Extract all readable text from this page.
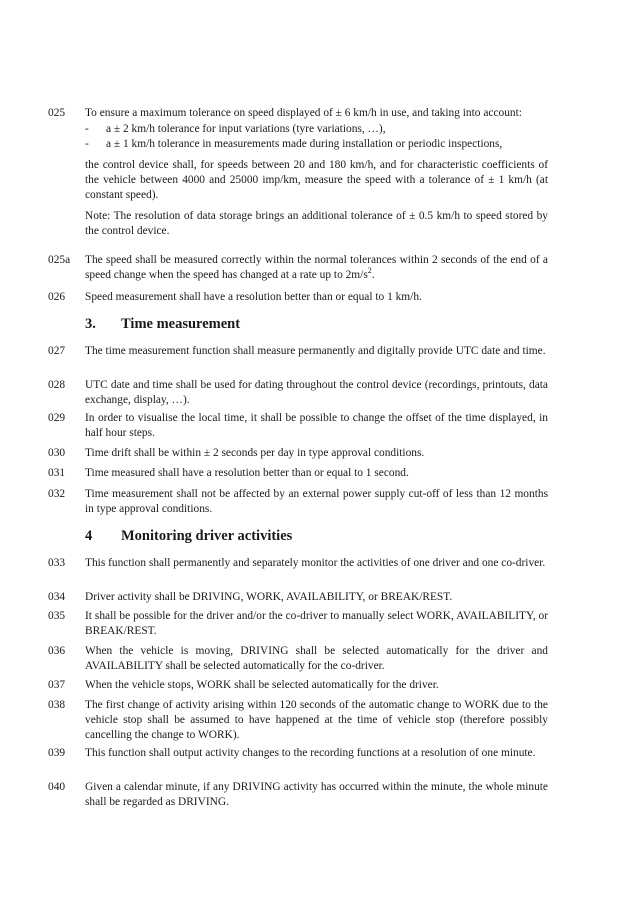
025	To ensure a maximum tolerance on speed displayed of ± 6 km/h in use, and taking into account:

- a ± 2 km/h tolerance for input variations (tyre variations, …),
- a ± 1 km/h tolerance in measurements made during installation or periodic inspections,

the control device shall, for speeds between 20 and 180 km/h, and for characteristic coefficients of the vehicle between 4000 and 25000 imp/km, measure the speed with a tolerance of ± 1 km/h (at constant speed).

Note: The resolution of data storage brings an additional tolerance of ± 0.5 km/h to speed stored by the control device.

025a	The speed shall be measured correctly within the normal tolerances within 2 seconds of the end of a speed change when the speed has changed at a rate up to $2m/s^2$.

026	Speed measurement shall have a resolution better than or equal to 1 km/h.

3. Time measurement
027	The time measurement function shall measure permanently and digitally provide UTC date and time.

028	UTC date and time shall be used for dating throughout the control device (recordings, printouts, data exchange, display, …).

029	In order to visualise the local time, it shall be possible to change the offset of the time displayed, in half hour steps.

030	Time drift shall be within ± 2 seconds per day in type approval conditions.

031	Time measured shall have a resolution better than or equal to 1 second.

032	Time measurement shall not be affected by an external power supply cut-off of less than 12 months in type approval conditions.

4 Monitoring driver activities
033	This function shall permanently and separately monitor the activities of one driver and one co-driver.

034	Driver activity shall be DRIVING, WORK, AVAILABILITY, or BREAK/REST.

035	It shall be possible for the driver and/or the co-driver to manually select WORK, AVAILABILITY, or BREAK/REST.

036	When the vehicle is moving, DRIVING shall be selected automatically for the driver and AVAILABILITY shall be selected automatically for the co-driver.

037	When the vehicle stops, WORK shall be selected automatically for the driver.

038	The first change of activity arising within 120 seconds of the automatic change to WORK due to the vehicle stop shall be assumed to have happened at the time of vehicle stop (therefore possibly cancelling the change to WORK).

039	This function shall output activity changes to the recording functions at a resolution of one minute.

040	Given a calendar minute, if any DRIVING activity has occurred within the minute, the whole minute shall be regarded as DRIVING.
